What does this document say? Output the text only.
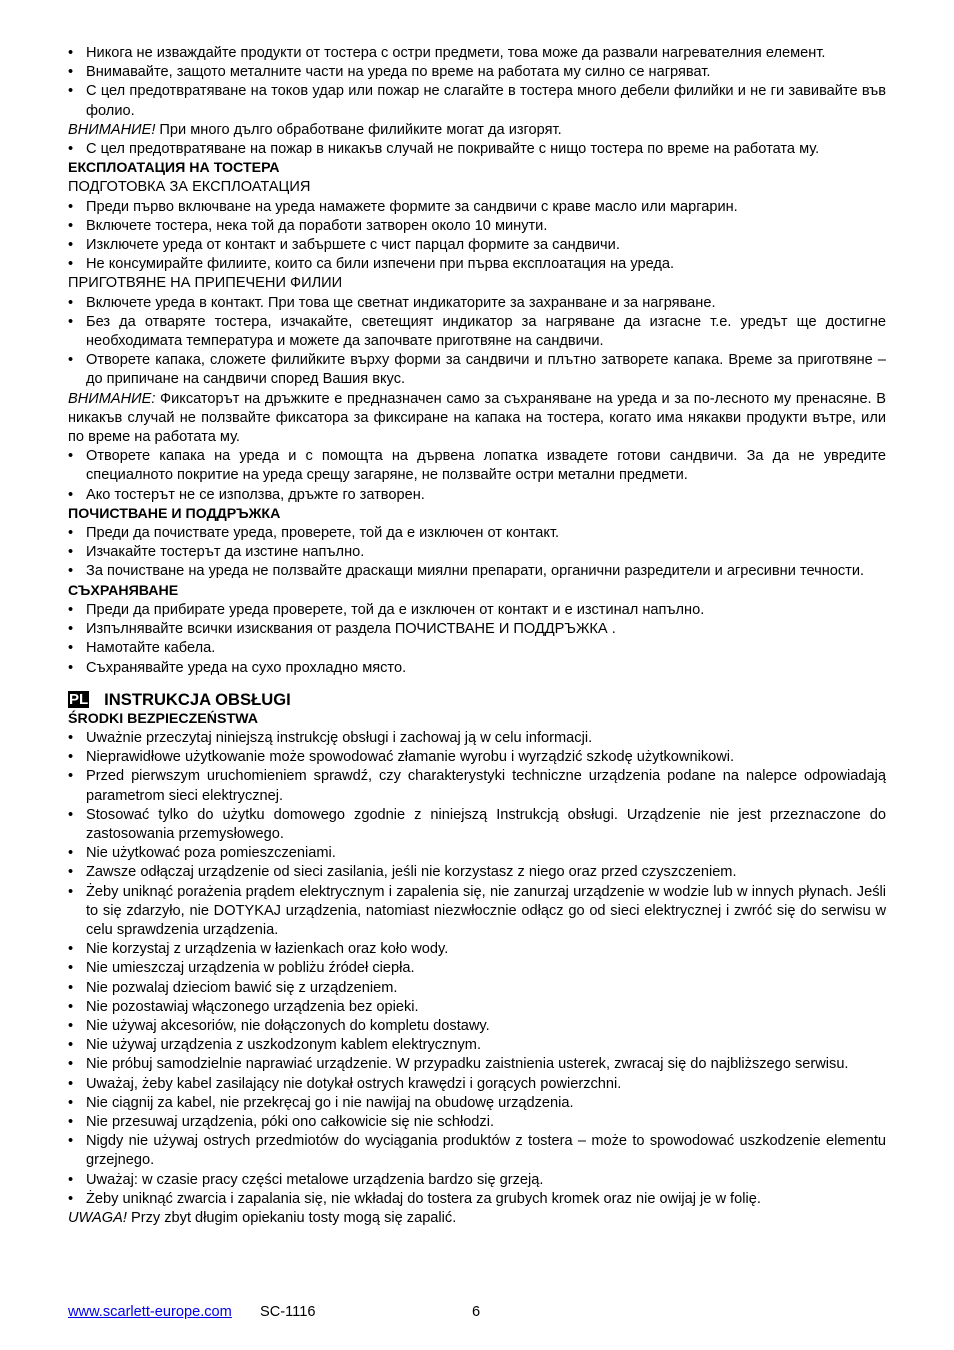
• Никога не изваждайте продукти от тостера с остри предмети, това може да развали нагревателния елемент.
• Внимавайте, защото металните части на уреда по време на работата му силно се нагряват.
• С цел предотвратяване на токов удар или пожар не слагайте в тостера много дебели филийки и не ги завивайте във фолио.
ВНИМАНИЕ! При много дълго обработване филийките могат да изгорят.
• С цел предотвратяване на пожар в никакъв случай не покривайте с нищо тостера по време на работата му.
ЕКСПЛОАТАЦИЯ НА ТОСТЕРА
ПОДГОТОВКА ЗА ЕКСПЛОАТАЦИЯ
• Преди първо включване на уреда намажете формите за сандвичи с краве масло или маргарин.
• Включете тостера, нека той да поработи затворен около 10 минути.
• Изключете уреда от контакт и забършете с чист парцал формите за сандвичи.
• Не консумирайте филиите, които са били изпечени при първа експлоатация на уреда.
ПРИГОТВЯНЕ НА ПРИПЕЧЕНИ ФИЛИИ
• Включете уреда в контакт. При това ще светнат индикаторите за захранване и за нагряване.
• Без да отваряте тостера, изчакайте, светещият индикатор за нагряване да изгасне т.е. уредът ще достигне необходимата температура и можете да започвате приготвяне на сандвичи.
• Отворете капака, сложете филийките върху форми за сандвичи и плътно затворете капака. Време за приготвяне – до припичане на сандвичи според Вашия вкус.
ВНИМАНИЕ: Фиксаторът на дръжките е предназначен само за съхраняване на уреда и за по-лесното му пренасяне. В никакъв случай не ползвайте фиксатора за фиксиране на капака на тостера, когато има някакви продукти вътре, или по време на работата му.
• Отворете капака на уреда и с помощта на дървена лопатка извадете готови сандвичи. За да не увредите специалното покритие на уреда срещу загаряне, не ползвайте остри метални предмети.
• Ако тостерът не се използва, дръжте го затворен.
ПОЧИСТВАНЕ И ПОДДРЪЖКА
• Преди да почиствате уреда, проверете, той да е изключен от контакт.
• Изчакайте тостерът да изстине напълно.
• За почистване на уреда не ползвайте драскащи миялни препарати, органични разредители и агресивни течности.
СЪХРАНЯВАНЕ
• Преди да прибирате уреда проверете, той да е изключен от контакт и е изстинал напълно.
• Изпълнявайте всички изисквания от раздела ПОЧИСТВАНЕ И ПОДДРЪЖКА .
• Намотайте кабела.
• Съхранявайте уреда на сухо прохладно място.
PL INSTRUKCJA OBSŁUGI
ŚRODKI BEZPIECZEŃSTWA
• Uważnie przeczytaj niniejszą instrukcję obsługi i zachowaj ją w celu informacji.
• Nieprawidłowe użytkowanie może spowodować złamanie wyrobu i wyrządzić szkodę użytkownikowi.
• Przed pierwszym uruchomieniem sprawdź, czy charakterystyki techniczne urządzenia podane na nalepce odpowiadają parametrom sieci elektrycznej.
• Stosować tylko do użytku domowego zgodnie z niniejszą Instrukcją obsługi. Urządzenie nie jest przeznaczone do zastosowania przemysłowego.
• Nie użytkować poza pomieszczeniami.
• Zawsze odłączaj urządzenie od sieci zasilania, jeśli nie korzystasz z niego oraz przed czyszczeniem.
• Żeby uniknąć porażenia prądem elektrycznym i zapalenia się, nie zanurzaj urządzenie w wodzie lub w innych płynach. Jeśli to się zdarzyło, nie DOTYKAJ urządzenia, natomiast niezwłocznie odłącz go od sieci elektrycznej i zwróć się do serwisu w celu sprawdzenia urządzenia.
• Nie korzystaj z urządzenia w łazienkach oraz koło wody.
• Nie umieszczaj urządzenia w pobliżu źródeł ciepła.
• Nie pozwalaj dzieciom bawić się z urządzeniem.
• Nie pozostawiaj włączonego urządzenia bez opieki.
• Nie używaj akcesoriów, nie dołączonych do kompletu dostawy.
• Nie używaj urządzenia z uszkodzonym kablem elektrycznym.
• Nie próbuj samodzielnie naprawiać urządzenie. W przypadku zaistnienia usterek, zwracaj się do najbliższego serwisu.
• Uważaj, żeby kabel zasilający nie dotykał ostrych krawędzi i gorących powierzchni.
• Nie ciągnij za kabel, nie przekręcaj go i nie nawijaj na obudowę urządzenia.
• Nie przesuwaj urządzenia, póki ono całkowicie się nie schłodzi.
• Nigdy nie używaj ostrych przedmiotów do wyciągania produktów z tostera – może to spowodować uszkodzenie elementu grzejnego.
• Uważaj: w czasie pracy części metalowe urządzenia bardzo się grzeją.
• Żeby uniknąć zwarcia i zapalania się, nie wkładaj do tostera za grubych kromek oraz nie owijaj je w folię.
UWAGA! Przy zbyt długim opiekaniu tosty mogą się zapalić.
www.scarlett-europe.com SC-1116	6
